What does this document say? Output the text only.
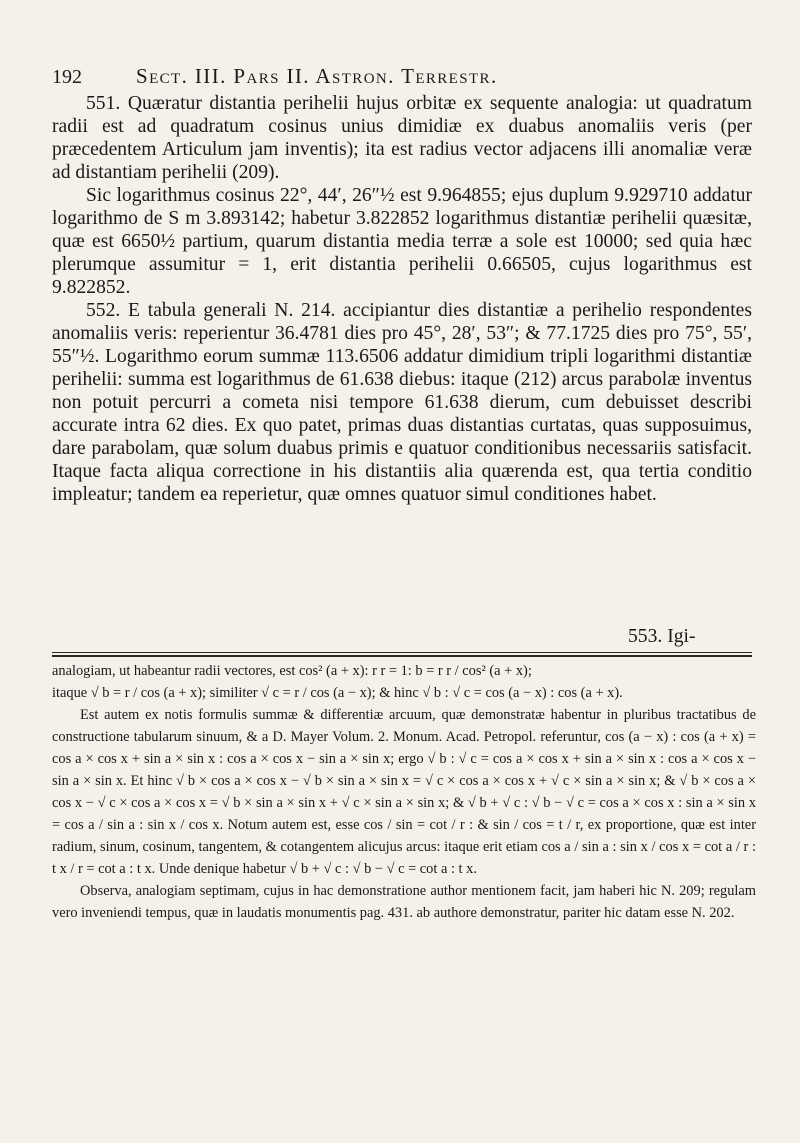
192	Sect. III. Pars II. Astron. Terrestr.

551. Quæratur distantia perihelii hujus orbitæ ex sequente analogia: ut quadratum radii est ad quadratum cosinus unius dimidiæ ex duabus anomaliis veris (per præcedentem Articulum jam inventis); ita est radius vector adjacens illi anomaliæ veræ ad distantiam perihelii (209).

Sic logarithmus cosinus 22°, 44′, 26″½ est 9.964855; ejus duplum 9.929710 addatur logarithmo de S m 3.893142; habetur 3.822852 logarithmus distantiæ perihelii quæsitæ, quæ est 6650½ partium, quarum distantia media terræ a sole est 10000; sed quia hæc plerumque assumitur = 1, erit distantia perihelii 0.66505, cujus logarithmus est 9.822852.

552. E tabula generali N. 214. accipiantur dies distantiæ a perihelio respondentes anomaliis veris: reperientur 36.4781 dies pro 45°, 28′, 53″; & 77.1725 dies pro 75°, 55′, 55″½. Logarithmo eorum summæ 113.6506 addatur dimidium tripli logarithmi distantiæ perihelii: summa est logarithmus de 61.638 diebus: itaque (212) arcus parabolæ inventus non potuit percurri a cometa nisi tempore 61.638 dierum, cum debuisset describi accurate intra 62 dies. Ex quo patet, primas duas distantias curtatas, quas supposuimus, dare parabolam, quæ solum duabus primis e quatuor conditionibus necessariis satisfacit. Itaque facta aliqua correctione in his distantiis alia quærenda est, qua tertia conditio impleatur; tandem ea reperietur, quæ omnes quatuor simul conditiones habet.

553. Igi-
analogiam, ut habeantur radii vectores, est cos² (a + x): r r = 1: b = r r / cos² (a + x);
itaque √ b = r / cos (a + x); similiter √ c = r / cos (a − x); & hinc √ b : √ c = cos (a − x) : cos (a + x).
Est autem ex notis formulis summæ & differentiæ arcuum, quæ demonstratæ habentur in pluribus tractatibus de constructione tabularum sinuum, & a D. Mayer Volum. 2. Monum. Acad. Petropol. referuntur, cos (a − x) : cos (a + x) = cos a × cos x + sin a × sin x : cos a × cos x − sin a × sin x; ergo √ b : √ c = cos a × cos x + sin a × sin x : cos a × cos x − sin a × sin x. Et hinc √ b × cos a × cos x − √ b × sin a × sin x = √ c × cos a × cos x + √ c × sin a × sin x; & √ b × cos a × cos x − √ c × cos a × cos x = √ b × sin a × sin x + √ c × sin a × sin x; & √ b + √ c : √ b − √ c = cos a × cos x : sin a × sin x = cos a / sin a : sin x / cos x. Notum autem est, esse cos / sin = cot / r : & sin / cos = t / r, ex proportione, quæ est inter radium, sinum, cosinum, tangentem, & cotangentem alicujus arcus: itaque erit etiam cos a / sin a : sin x / cos x = cot a / r : t x / r = cot a : t x. Unde denique habetur √ b + √ c : √ b − √ c = cot a : t x.
Observa, analogiam septimam, cujus in hac demonstratione author mentionem facit, jam haberi hic N. 209; regulam vero inveniendi tempus, quæ in laudatis monumentis pag. 431. ab authore demonstratur, pariter hic datam esse N. 202.
